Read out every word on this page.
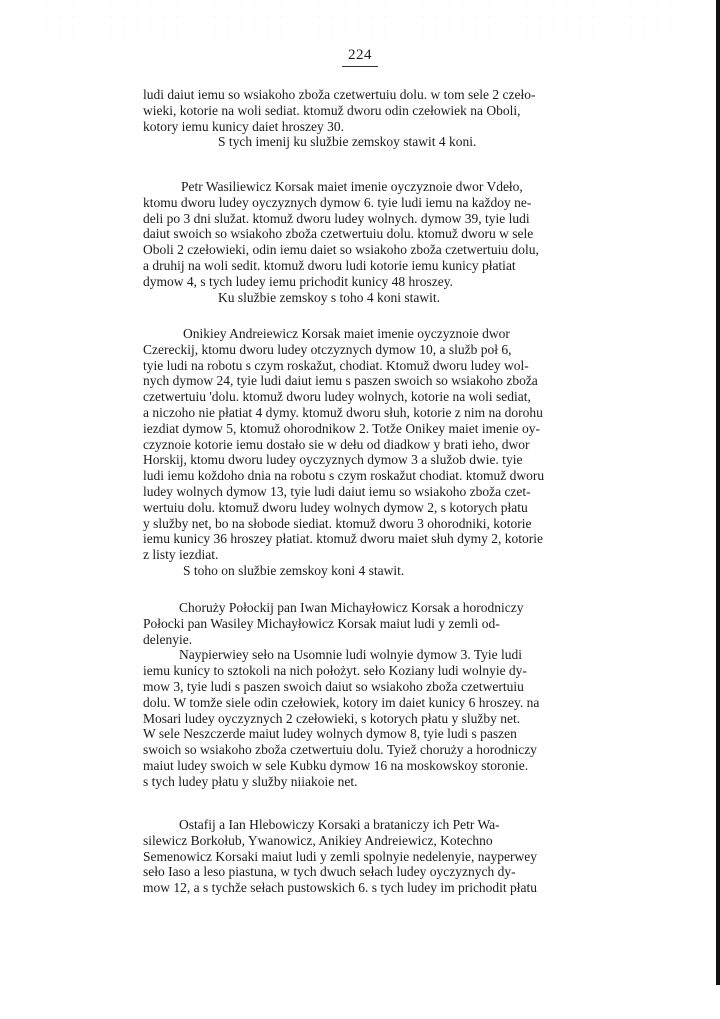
224
ludi daiut iemu so wsiakoho zboža czetwertuiu dolu. w tom sele 2 czeło-
wieki, kotorie na woli sediat. ktomuž dworu odin czełowiek na Oboli,
kotory iemu kunicy daiet hroszey 30.
S tych imenij ku službie zemskoy stawit 4 koni.
Petr Wasiliewicz Korsak maiet imenie oyczyznoie dwor Vdeło,
ktomu dworu ludey oyczyznych dymow 6. tyie ludi iemu na každoy ne-
deli po 3 dni služat. ktomuž dworu ludey wolnych. dymow 39, tyie ludi
daiut swoich so wsiakoho zboža czetwertuiu dolu. ktomuž dworu w sele
Oboli 2 czełowieki, odin iemu daiet so wsiakoho zboža czetwertuiu dolu,
a druhij na woli sedit. ktomuž dworu ludi kotorie iemu kunicy płatiat
dymow 4, s tych ludey iemu prichodit kunicy 48 hroszey.
Ku službie zemskoy s toho 4 koni stawit.
Onikiey Andreiewicz Korsak maiet imenie oyczyznoie dwor
Czereckij, ktomu dworu ludey otczyznych dymow 10, a služb poł 6,
tyie ludi na robotu s czym roskažut, chodiat. Ktomuž dworu ludey wol-
nych dymow 24, tyie ludi daiut iemu s paszen swoich so wsiakoho zboža
czetwertuiu 'dolu. ktomuž dworu ludey wolnych, kotorie na woli sediat,
a niczoho nie płatiat 4 dymy. ktomuž dworu słuh, kotorie z nim na dorohu
iezdiat dymow 5, ktomuž ohorodnikow 2. Totže Onikey maiet imenie oy-
czyznoie kotorie iemu dostało sie w dełu od diadkow y brati ieho, dwor
Horskij, ktomu dworu ludey oyczyznych dymow 3 a služob dwie. tyie
ludi iemu koždoho dnia na robotu s czym roskažut chodiat. ktomuž dworu
ludey wolnych dymow 13, tyie ludi daiut iemu so wsiakoho zboža czet-
wertuiu dolu. ktomuž dworu ludey wolnych dymow 2, s kotorych płatu
y služby net, bo na słobode siediat. ktomuž dworu 3 ohorodniki, kotorie
iemu kunicy 36 hroszey płatiat. ktomuž dworu maiet słuh dymy 2, kotorie
z listy iezdiat.
S toho on službie zemskoy koni 4 stawit.
Chorużу Połockij pan Iwan Michayłowicz Korsak a horodniczy
Połocki pan Wasiley Michayłowicz Korsak maiut ludi y zemli od-
delenyie.
Naypierwiey seło na Usomnie ludi wolnyie dymow 3. Tyie ludi
iemu kunicy to sztokoli na nich położyt. seło Koziany ludi wolnyie dy-
mow 3, tyie ludi s paszen swoich daiut so wsiakoho zboža czetwertuiu
dolu. W tomže siele odin czełowiek, kotory im daiet kunicy 6 hroszey. na
Mosari ludey oyczyznych 2 czełowieki, s kotorych płatu y služby net.
W sele Neszczerde maiut ludey wolnych dymow 8, tyie ludi s paszen
swoich so wsiakoho zboža czetwertuiu dolu. Tyiež chorużу a horodniczy
maiut ludey swoich w sele Kubku dymow 16 na moskowskoy storonie.
s tych ludey płatu y služby niiakoie net.
Ostafij a Ian Hlebowiczy Korsaki a brataniczy ich Petr Wa-
silewicz Borkołub, Ywanowicz, Anikiey Andreiewicz, Kotechno
Semenowicz Korsaki maiut ludi y zemli spolnyie nedelenyie, nayperwey
seło Iaso a leso piastuna, w tych dwuch sełach ludey oyczyznych dy-
mow 12, a s tychže sełach pustowskich 6. s tych ludey im prichodit płatu
